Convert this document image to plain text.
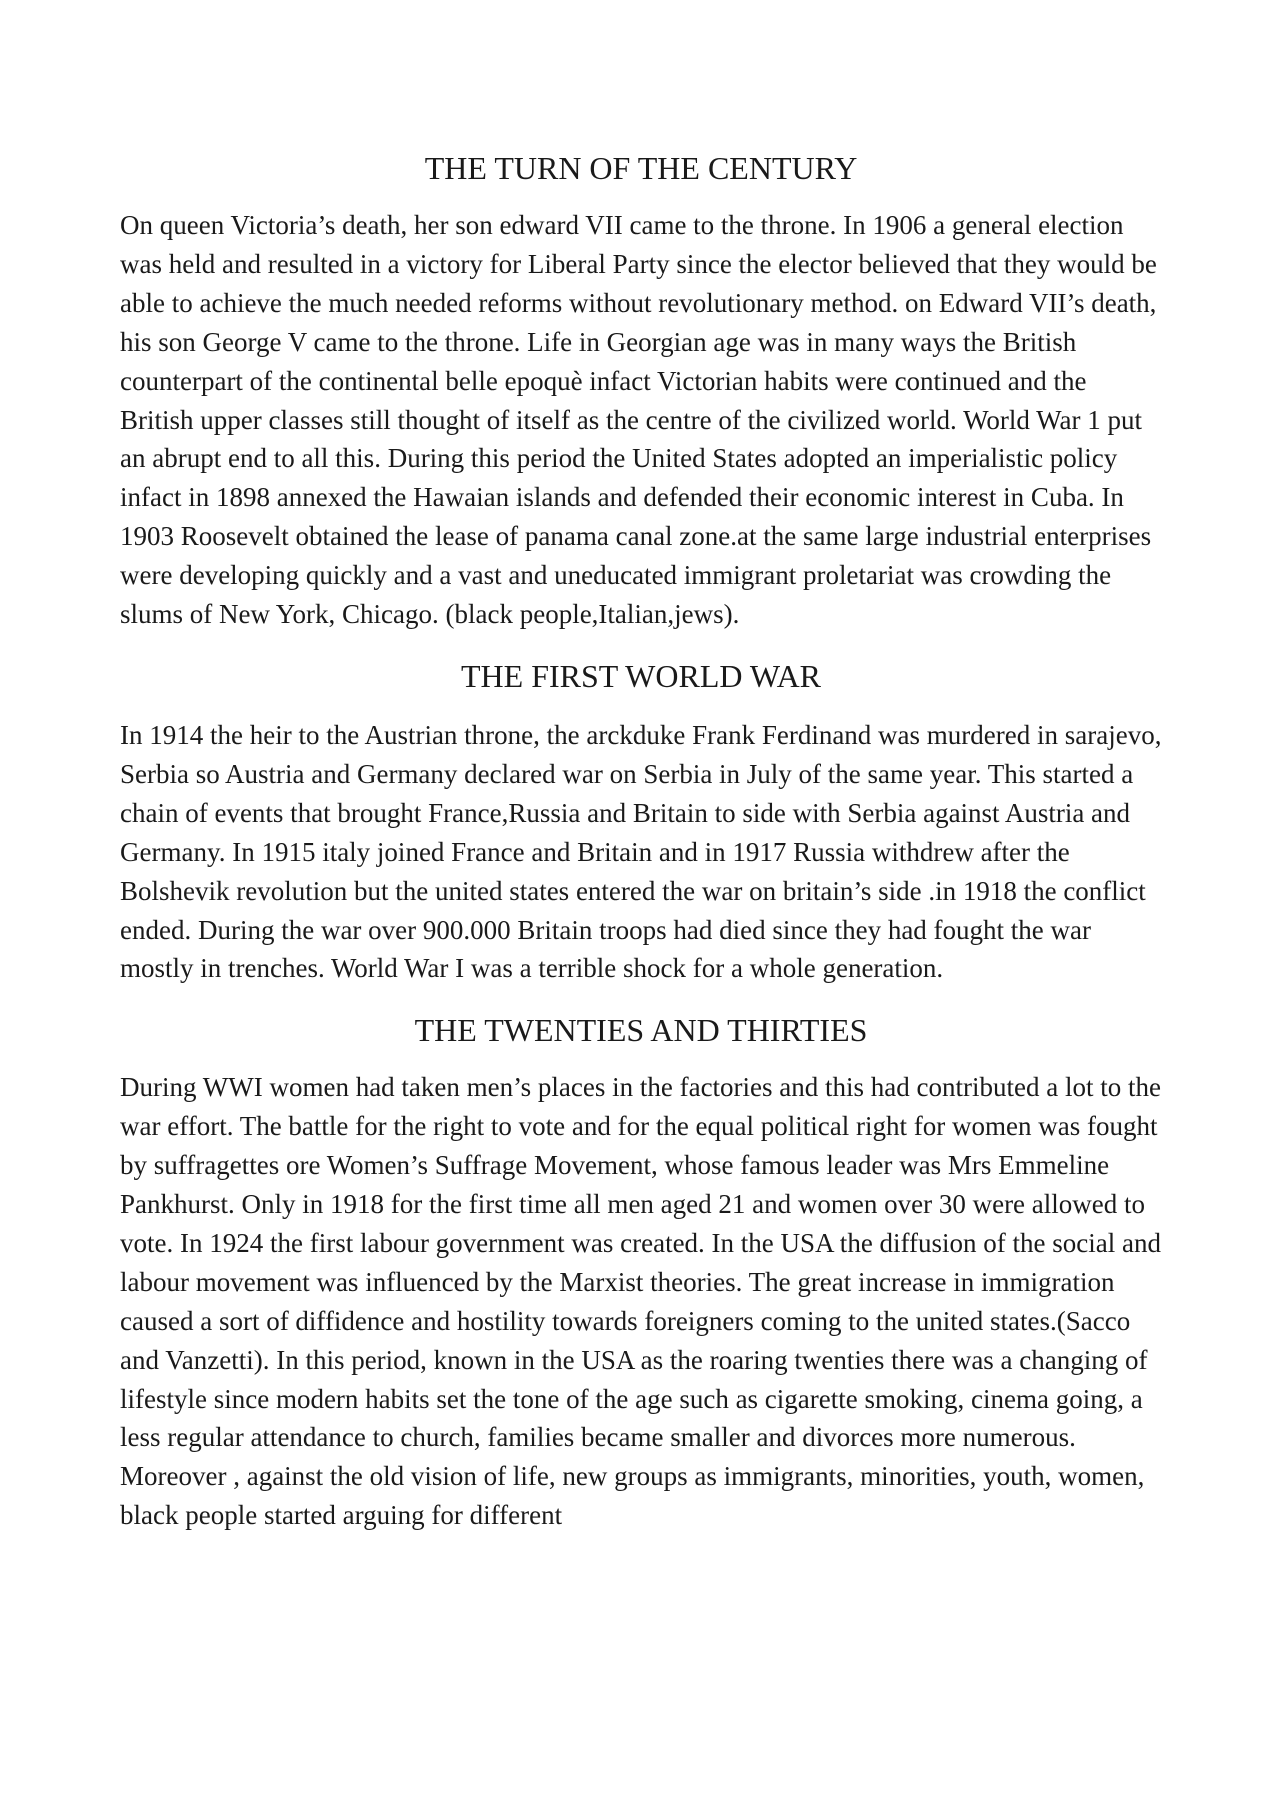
THE TURN OF THE CENTURY

On queen Victoria’s death, her son edward VII came to the throne. In 1906 a general election was held and resulted in a victory for Liberal Party since the elector believed that they would be able to achieve the much needed reforms without revolutionary method. on Edward VII’s death, his son George V came to the throne. Life in Georgian age was in many ways the British counterpart of the continental belle epoquè infact Victorian habits were continued and the British upper classes still thought of itself as the centre of the civilized world. World War 1 put an abrupt end to all this. During this period the United States adopted an imperialistic policy infact in 1898 annexed the Hawaian islands and defended their economic interest in Cuba. In 1903 Roosevelt obtained the lease of panama canal zone.at the same large industrial enterprises were developing quickly and a vast and uneducated immigrant proletariat was crowding the slums of New York, Chicago. (black people,Italian,jews).

THE FIRST WORLD WAR

In 1914 the heir to the Austrian throne, the arckduke Frank Ferdinand was murdered in sarajevo, Serbia so Austria and Germany declared war on Serbia in July of the same year. This started a chain of events that brought France,Russia and Britain to side with Serbia against Austria and Germany. In 1915 italy joined France and Britain and in 1917 Russia withdrew after the Bolshevik revolution but the united states entered the war on britain’s side .in 1918 the conflict ended. During the war over 900.000 Britain troops had died since they had fought the war mostly in trenches. World War I was a terrible shock for a whole generation.

THE TWENTIES AND THIRTIES

During WWI women had taken men’s places in the factories and this had contributed a lot to the war effort. The battle for the right to vote and for the equal political right for women was fought by suffragettes ore Women’s Suffrage Movement, whose famous leader was Mrs Emmeline Pankhurst. Only in 1918 for the first time all men aged 21 and women over 30 were allowed to vote. In 1924 the first labour government was created. In the USA the diffusion of the social and labour movement was influenced by the Marxist theories. The great increase in immigration caused a sort of diffidence and hostility towards foreigners coming to the united states.(Sacco and Vanzetti). In this period, known in the USA as the roaring twenties there was a changing of lifestyle since modern habits set the tone of the age such as cigarette smoking, cinema going, a less regular attendance to church, families became smaller and divorces more numerous. Moreover , against the old vision of life, new groups as immigrants, minorities, youth, women, black people started arguing for different
